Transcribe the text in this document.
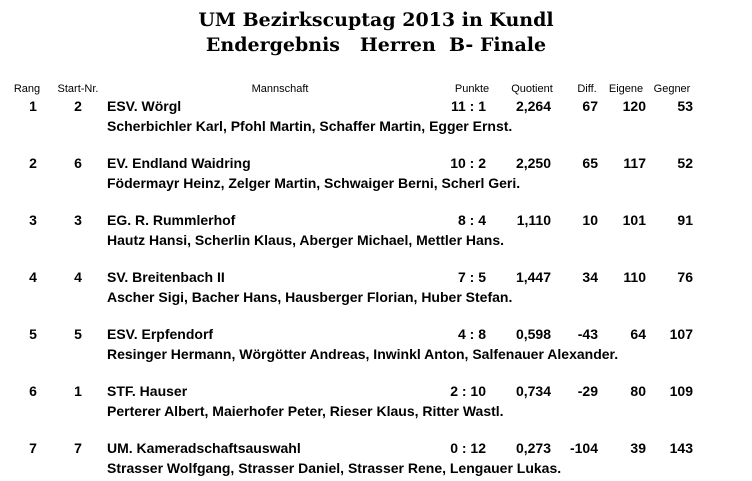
UM Bezirkscuptag 2013 in Kundl
Endergebnis   Herren  B- Finale
Rang Start-Nr.	Mannschaft	Punkte Quotient Diff. Eigene Gegner
1	2 ESV. Wörgl	11 : 1 2,264 67 120 53
Scherbichler Karl, Pfohl Martin, Schaffer Martin, Egger Ernst.
2	6 EV. Endland Waidring	10 : 2 2,250 65 117 52
Födermayr Heinz, Zelger Martin, Schwaiger Berni, Scherl Geri.
3	3 EG. R. Rummlerhof	8 : 4 1,110 10 101 91
Hautz Hansi, Scherlin Klaus, Aberger Michael, Mettler Hans.
4	4 SV. Breitenbach II	7 : 5 1,447 34 110 76
Ascher Sigi, Bacher Hans, Hausberger Florian, Huber Stefan.
5	5 ESV. Erpfendorf	4 : 8 0,598 -43 64 107
Resinger Hermann, Wörgötter Andreas, Inwinkl Anton, Salfenauer Alexander.
6	1 STF. Hauser	2 : 10 0,734 -29 80 109
Perterer Albert, Maierhofer Peter, Rieser Klaus, Ritter Wastl.
7	7 UM. Kameradschaftsauswahl	0 : 12 0,273 -104 39 143
Strasser Wolfgang, Strasser Daniel, Strasser Rene, Lengauer Lukas.
